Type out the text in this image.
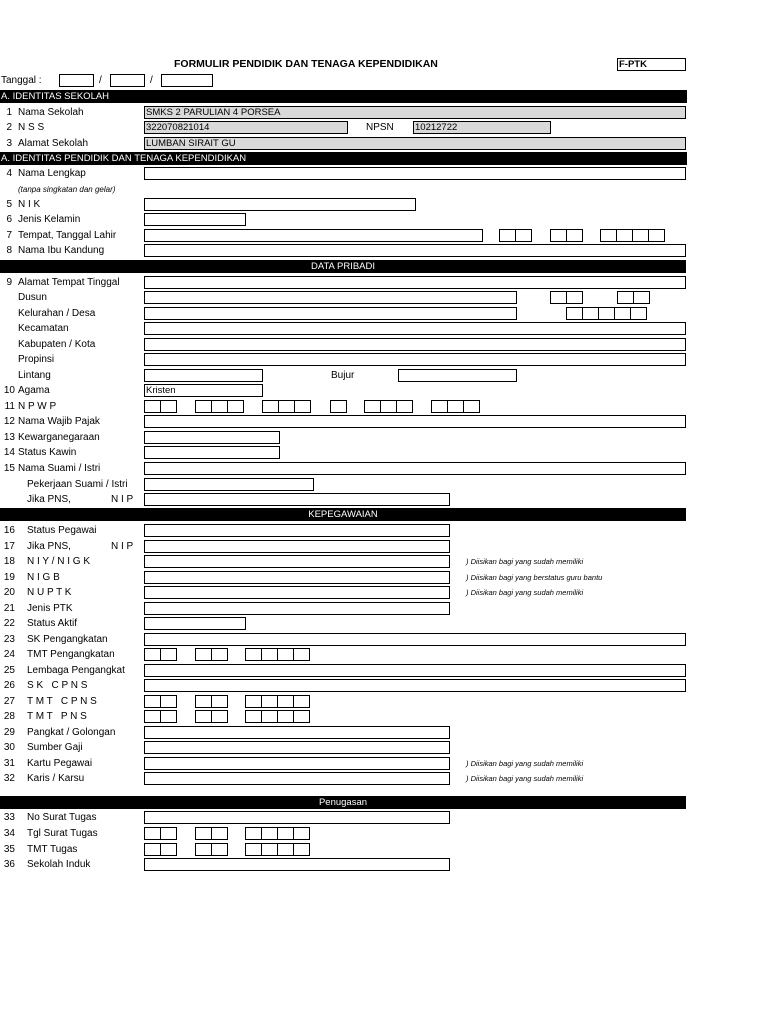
FORMULIR PENDIDIK DAN TENAGA KEPENDIDIKAN	F-PTK
Tanggal :	/	/
A. IDENTITAS SEKOLAH
1 Nama Sekolah	SMKS 2 PARULIAN 4 PORSEA
2 N S S	322070821014	NPSN 10212722
3 Alamat Sekolah	LUMBAN SIRAIT GU
A. IDENTITAS PENDIDIK DAN TENAGA KEPENDIDIKAN
4 Nama Lengkap
(tanpa singkatan dan gelar)
5 N I K
6 Jenis Kelamin
7 Tempat, Tanggal Lahir
8 Nama Ibu Kandung
DATA PRIBADI
9 Alamat Tempat Tinggal
Dusun
Kelurahan / Desa
Kecamatan
Kabupaten / Kota
Propinsi
Lintang	Bujur
10 Agama	Kristen
11 N P W P
12 Nama Wajib Pajak
13 Kewarganegaraan
14 Status Kawin
15 Nama Suami / Istri
Pekerjaan Suami / Istri
Jika PNS,	N I P
KEPEGAWAIAN
16 Status Pegawai
17 Jika PNS,	N I P
18 N I Y / N I G K	) Diisikan bagi yang sudah memiliki
19 N I G B	) Diisikan bagi yang berstatus guru bantu
20 N U P T K	) Diisikan bagi yang sudah memiliki
21 Jenis PTK
22 Status Aktif
23 SK Pengangkatan
24 TMT Pengangkatan
25 Lembaga Pengangkat
26 S K   C P N S
27 T M T   C P N S
28 T M T   P N S
29 Pangkat / Golongan
30 Sumber Gaji
31 Kartu Pegawai	) Diisikan bagi yang sudah memiliki
32 Karis / Karsu	) Diisikan bagi yang sudah memiliki
Penugasan
33 No Surat Tugas
34 Tgl Surat Tugas
35 TMT Tugas
36 Sekolah Induk
